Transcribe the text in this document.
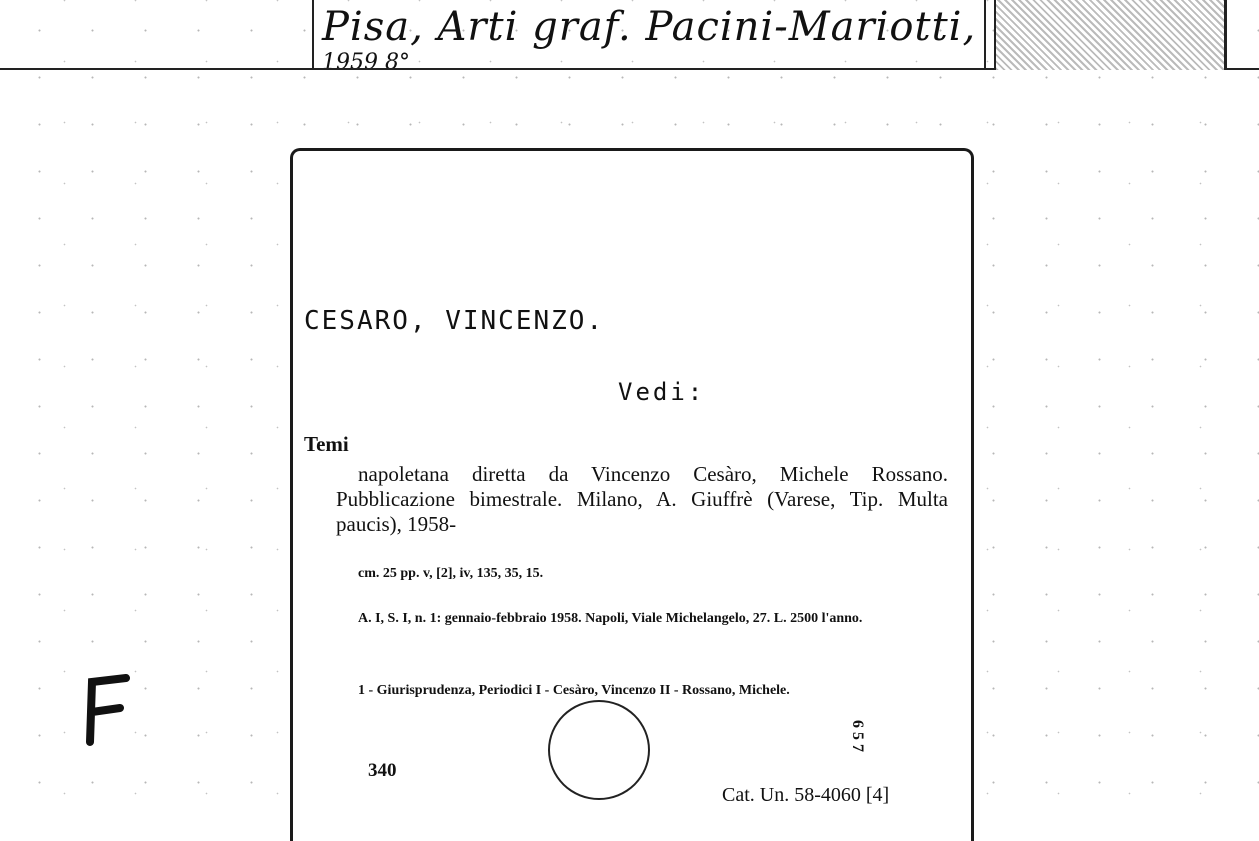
Pisa, Arti graf. Pacini-Mariotti,
1959 8°
CESARO, VINCENZO.
Vedi:
Temi
napoletana diretta da Vincenzo Cesàro, Michele Rossano. Pubblicazione bimestrale. Milano, A. Giuffrè (Varese, Tip. Multa paucis), 1958-
cm. 25 pp. v, [2], iv, 135, 35, 15.
A. I, S. I, n. 1: gennaio-febbraio 1958. Napoli, Viale Michelangelo, 27. L. 2500 l'anno.
1 - Giurisprudenza, Periodici I - Cesàro, Vincenzo II - Rossano, Michele.
340
657
Cat. Un. 58-4060 [4]
